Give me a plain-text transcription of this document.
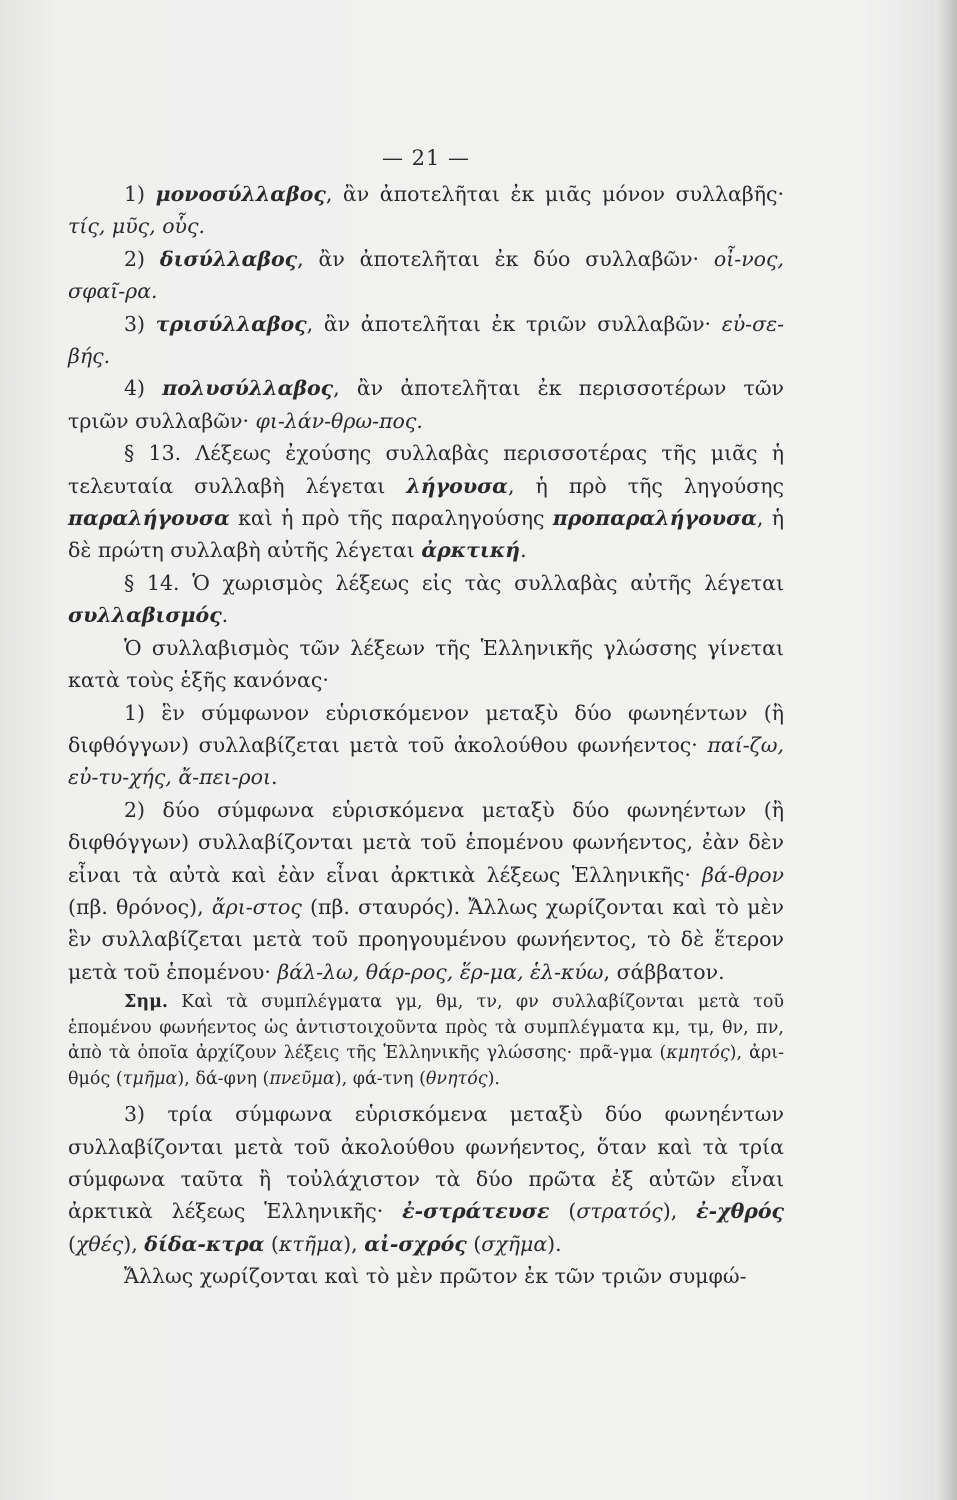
— 21 —

1) μονοσύλλαβος, ἂν ἀποτελῆται ἐκ μιᾶς μόνον συλλαβῆς· τίς, μῦς, οὗς.

2) δισύλλαβος, ἂν ἀποτελῆται ἐκ δύο συλλαβῶν· οἶ-νος, σφαῖ-ρα.

3) τρισύλλαβος, ἂν ἀποτελῆται ἐκ τριῶν συλλαβῶν· εὐ-σε-βής.

4) πολυσύλλαβος, ἂν ἀποτελῆται ἐκ περισσοτέρων τῶν τριῶν συλλαβῶν· φι-λάν-θρω-πος.

§ 13. Λέξεως ἐχούσης συλλαβὰς περισσοτέρας τῆς μιᾶς ἡ τελευταία συλλαβὴ λέγεται λήγουσα, ἡ πρὸ τῆς ληγούσης παραλήγουσα καὶ ἡ πρὸ τῆς παραληγούσης προπαραλήγουσα, ἡ δὲ πρώτη συλλαβὴ αὐτῆς λέγεται ἀρκτική.

§ 14. Ὁ χωρισμὸς λέξεως εἰς τὰς συλλαβὰς αὐτῆς λέγεται συλλαβισμός.

Ὁ συλλαβισμὸς τῶν λέξεων τῆς Ἑλληνικῆς γλώσσης γίνεται κατὰ τοὺς ἑξῆς κανόνας·

1) ἓν σύμφωνον εὑρισκόμενον μεταξὺ δύο φωνηέντων (ἢ διφθόγγων) συλλαβίζεται μετὰ τοῦ ἀκολούθου φωνήεντος· παί-ζω, εὐ-τυ-χής, ἄ-πει-ροι.

2) δύο σύμφωνα εὑρισκόμενα μεταξὺ δύο φωνηέντων (ἢ διφθόγγων) συλλαβίζονται μετὰ τοῦ ἑπομένου φωνήεντος, ἐὰν δὲν εἶναι τὰ αὐτὰ καὶ ἐὰν εἶναι ἀρκτικὰ λέξεως Ἑλληνικῆς· βά-θρον (πβ. θρόνος), ἄρι-στος (πβ. σταυρός). Ἄλλως χωρίζονται καὶ τὸ μὲν ἓν συλλαβίζεται μετὰ τοῦ προηγουμένου φωνήεντος, τὸ δὲ ἕτερον μετὰ τοῦ ἑπομένου· βάλ-λω, θάρ-ρος, ἕρ-μα, ἑλ-κύω, σάββατον.

Σημ. Καὶ τὰ συμπλέγματα γμ, θμ, τν, φν συλλαβίζονται μετὰ τοῦ ἑπομένου φωνήεντος ὡς ἀντιστοιχοῦντα πρὸς τὰ συμπλέγματα κμ, τμ, θν, πν, ἀπὸ τὰ ὁποῖα ἀρχίζουν λέξεις τῆς Ἑλληνικῆς γλώσσης· πρᾶ-γμα (κμητός), ἀρι-θμός (τμῆμα), δά-φνη (πνεῦμα), φά-τνη (θνητός).

3) τρία σύμφωνα εὑρισκόμενα μεταξὺ δύο φωνηέντων συλλαβίζονται μετὰ τοῦ ἀκολούθου φωνήεντος, ὅταν καὶ τὰ τρία σύμφωνα ταῦτα ἢ τοὐλάχιστον τὰ δύο πρῶτα ἐξ αὐτῶν εἶναι ἀρκτικὰ λέξεως Ἑλληνικῆς· ἐ-στράτευσε (στρατός), ἐ-χθρός (χθές), δίδα-κτρα (κτῆμα), αἰ-σχρός (σχῆμα).

Ἄλλως χωρίζονται καὶ τὸ μὲν πρῶτον ἐκ τῶν τριῶν συμφώ-
